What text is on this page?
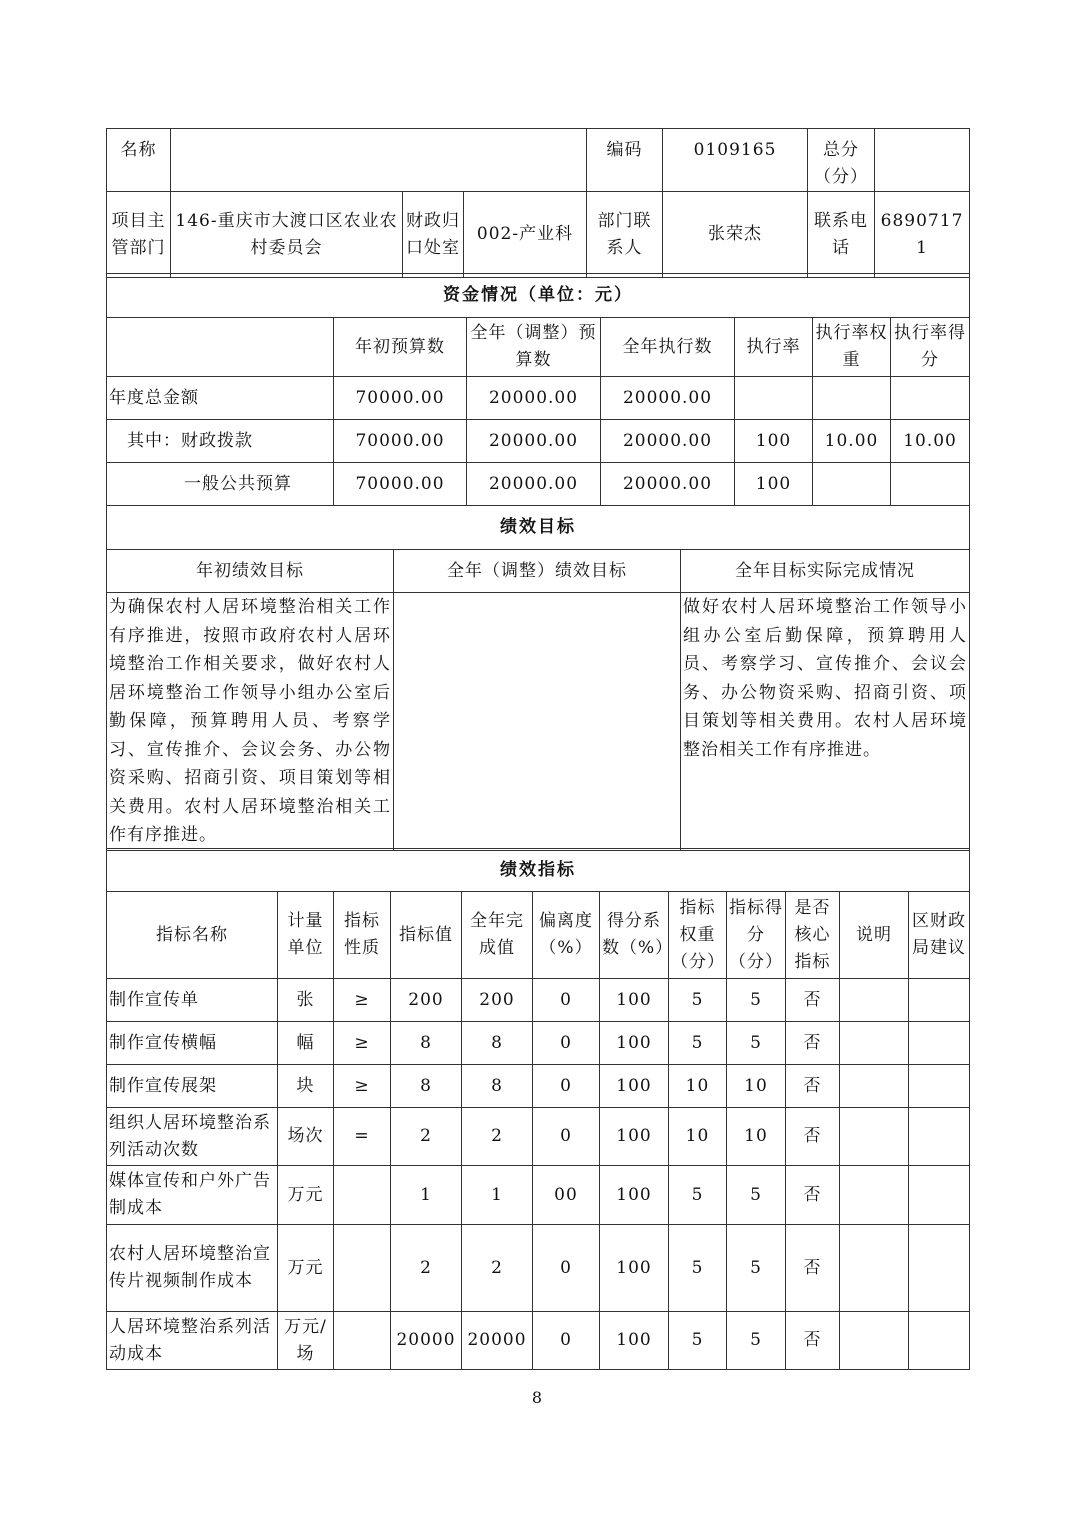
名称				编码	0109165	总分（分）	
项目主管部门	146-重庆市大渡口区农业农村委员会	财政归口处室	002-产业科	部门联系人	张荣杰	联系电话	68907171
资金情况（单位：元）						
	年初预算数	全年（调整）预算数	全年执行数	执行率	执行率权重	执行率得分
年度总金额	70000.00	20000.00	20000.00			
其中：财政拨款	70000.00	20000.00	20000.00	100	10.00	10.00
一般公共预算	70000.00	20000.00	20000.00	100		
绩效目标		
年初绩效目标	全年（调整）绩效目标	全年目标实际完成情况
为确保农村人居环境整治相关工作有序推进，按照市政府农村人居环境整治工作相关要求，做好农村人居环境整治工作领导小组办公室后勤保障，预算聘用人员、考察学习、宣传推介、会议会务、办公物资采购、招商引资、项目策划等相关费用。农村人居环境整治相关工作有序推进。		做好农村人居环境整治工作领导小组办公室后勤保障，预算聘用人员、考察学习、宣传推介、会议会务、办公物资采购、招商引资、项目策划等相关费用。农村人居环境整治相关工作有序推进。
绩效指标											
指标名称	计量单位	指标性质	指标值	全年完成值	偏离度（%）	得分系数（%）	指标权重（分）	指标得分（分）	是否核心指标	说明	区财政局建议
制作宣传单	张	≥	200	200	0	100	5	5	否		
制作宣传横幅	幅	≥	8	8	0	100	5	5	否		
制作宣传展架	块	≥	8	8	0	100	10	10	否		
组织人居环境整治系列活动次数	场次	=	2	2	0	100	10	10	否		
媒体宣传和户外广告制成本	万元		1	1	00	100	5	5	否		
农村人居环境整治宣传片视频制作成本	万元		2	2	0	100	5	5	否		
人居环境整治系列活动成本	万元/场		20000	20000	0	100	5	5	否		
8
